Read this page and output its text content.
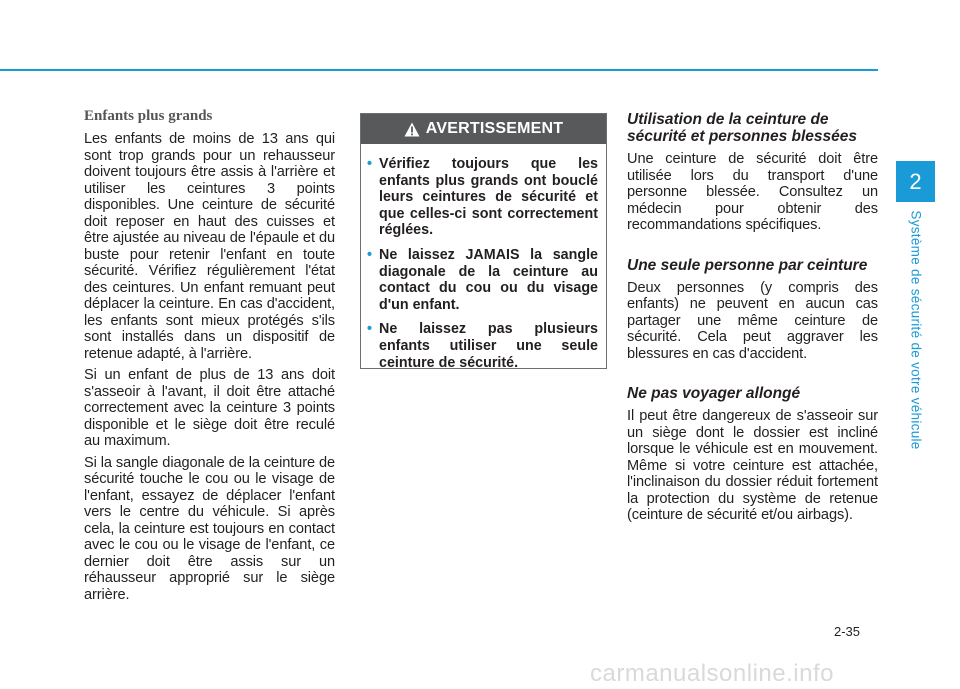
Enfants plus grands

Les enfants de moins de 13 ans qui sont trop grands pour un rehausseur doivent toujours être assis à l'arrière et utiliser les ceintures 3 points disponibles. Une ceinture de sécurité doit reposer en haut des cuisses et être ajustée au niveau de l'épaule et du buste pour retenir l'enfant en toute sécurité. Vérifiez régulièrement l'état des ceintures. Un enfant remuant peut déplacer la ceinture. En cas d'accident, les enfants sont mieux protégés s'ils sont installés dans un dispositif de retenue adapté, à l'arrière.

Si un enfant de plus de 13 ans doit s'asseoir à l'avant, il doit être attaché correctement avec la ceinture 3 points disponible et le siège doit être reculé au maximum.

Si la sangle diagonale de la ceinture de sécurité touche le cou ou le visage de l'enfant, essayez de déplacer l'enfant vers le centre du véhicule. Si après cela, la ceinture est toujours en contact avec le cou ou le visage de l'enfant, ce dernier doit être assis sur un réhausseur approprié sur le siège arrière.

AVERTISSEMENT
• Vérifiez toujours que les enfants plus grands ont bouclé leurs ceintures de sécurité et que celles-ci sont correctement réglées.
• Ne laissez JAMAIS la sangle diagonale de la ceinture au contact du cou ou du visage d'un enfant.
• Ne laissez pas plusieurs enfants utiliser une seule ceinture de sécurité.
Utilisation de la ceinture de sécurité et personnes blessées

Une ceinture de sécurité doit être utilisée lors du transport d'une personne blessée. Consultez un médecin pour obtenir des recommandations spécifiques.

Une seule personne par ceinture

Deux personnes (y compris des enfants) ne peuvent en aucun cas partager une même ceinture de sécurité. Cela peut aggraver les blessures en cas d'accident.

Ne pas voyager allongé

Il peut être dangereux de s'asseoir sur un siège dont le dossier est incliné lorsque le véhicule est en mouvement. Même si votre ceinture est attachée, l'inclinaison du dossier réduit fortement la protection du système de retenue (ceinture de sécurité et/ou airbags).

2
Système de sécurité de votre véhicule
2-35
carmanualsonline.info
